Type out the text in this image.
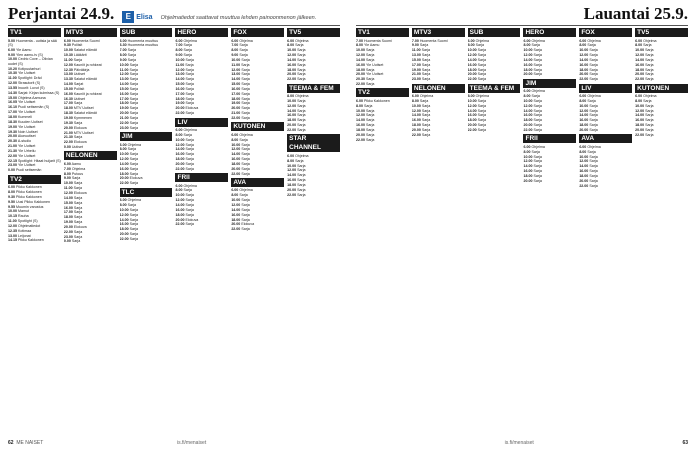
Perjantai 24.9.	E Elisa Ohjelmatiedot saattavat muuttua lehden painoonmenon jälkeen.
TV1
5.00 Huomenta - uutisia ja sää (S)
6.00 Yle Aamu
9.00 Ylen aamu-tv (S)
10.00 Cedric Cove – Olivian uudet (S)
10.20 Kotipuutarhuri
10.30 Yle Uutiset
11.00 Spotlight: Dräd
12.00 Strasutorit (S)
13.55 Inuurit: Luvut (S)
14.30 Sarjat: Kirjan kulmissa (S)
15.00 Ohjelma Aamuna
16.05 Yle Uutiset
16.10 Puoli seitsemän (S)
17.00 Yle Uutiset
18.00 Kummeli
18.30 Kuuden Uutiset
19.00 Yle Uutiset
19.30 Noin Uutiset
20.00 Alueuutiset
20.30 A-studio
21.00 Yle Uutiset
21.30 Yle Urheilu
22.00 Yle Uutiset
22.15 Spotlight: Hitaat huijarit (S)
23.00 Yle Uutiset
0.00 Puoli seitsemän
TV2
6.00 Pikku Kakkonen
8.00 Pikku Kakkonen
9.30 Pikku Kakkonen
9.50 Uusi Pikku Kakkonen
9.55 Muumin varustus
10.00 Mamut
10.15 Rauha
11.00 Spotlight (S)
12.00 Ohjelmatiedot
12.35 Kotimaa
13.00 Leijonat
14.15 Pikku Kakkonen
MTV3
6.00 Huomenta Suomi
9.30 Poliisit
10.00 Salatut elämät
10.30 Lääkärit
11.00 Sarja
12.00 Kauniit ja rohkeat
12.30 Päiväkirja
13.00 Uutiset
13.30 Salatut elämät
14.00 Sarjat
15.00 Poliisit
16.00 Kauniit ja rohkeat
16.30 Uutiset
17.00 Sarja
18.00 MTV Uutiset
18.30 Salatut elämät
19.00 Kymmenen
19.30 Sarja
20.00 Elokuva
21.00 MTV Uutiset
21.30 Sarja
22.00 Elokuva
0.00 Uutiset
NELONEN
6.00 Aamu
7.00 Ohjelma
8.00 Putous
9.00 Sarja
10.00 Sarja
11.00 Sarja
12.00 Elokuva
14.00 Sarja
15.00 Sarja
16.00 Sarja
17.00 Sarja
18.00 Sarja
19.00 Sarja
20.00 Elokuva
22.00 Sarja
23.00 Sarja
0.00 Sarja
SUB
6.00 Huomenta muuttuu
6.30 Huomenta muuttuu
7.00 Sarja
8.00 Sarja
9.00 Sarja
10.00 Sarja
11.00 Sarja
12.00 Sarja
13.00 Sarja
14.00 Sarja
15.00 Sarja
16.00 Sarja
17.00 Sarja
18.00 Sarja
19.00 Sarja
20.00 Sarja
21.00 Sarja
22.00 Sarja
23.00 Sarja
JIM
6.00 Ohjelma
8.00 Sarja
10.00 Sarja
12.00 Sarja
14.00 Sarja
16.00 Sarja
18.00 Sarja
20.00 Elokuva
22.00 Sarja
TLC
6.00 Ohjelma
8.00 Sarja
10.00 Sarja
12.00 Sarja
14.00 Sarja
16.00 Sarja
18.00 Sarja
20.00 Sarja
22.00 Sarja
HERO
6.00 Ohjelma
7.00 Sarja
8.00 Sarja
9.00 Sarja
10.00 Sarja
11.00 Sarja
12.00 Sarja
13.00 Sarja
14.00 Sarja
15.00 Sarja
16.00 Sarja
17.00 Sarja
18.00 Sarja
19.00 Sarja
20.00 Elokuva
22.00 Sarja
LIV
6.00 Ohjelma
8.00 Sarja
10.00 Sarja
12.00 Sarja
14.00 Sarja
16.00 Sarja
18.00 Sarja
20.00 Sarja
22.00 Sarja
FRII
6.00 Ohjelma
8.00 Sarja
10.00 Sarja
12.00 Sarja
14.00 Sarja
16.00 Sarja
18.00 Sarja
20.00 Elokuva
22.00 Sarja
FOX
6.00 Ohjelma
7.00 Sarja
8.00 Sarja
9.00 Sarja
10.00 Sarja
11.00 Sarja
12.00 Sarja
13.00 Sarja
14.00 Sarja
15.00 Sarja
16.00 Sarja
17.00 Sarja
18.00 Sarja
19.00 Sarja
20.00 Sarja
21.00 Sarja
22.00 Sarja
KUTONEN
6.00 Ohjelma
8.00 Sarja
10.00 Sarja
12.00 Sarja
14.00 Sarja
16.00 Sarja
18.00 Sarja
20.00 Sarja
22.00 Sarja
AVA
6.00 Ohjelma
8.00 Sarja
10.00 Sarja
12.00 Sarja
14.00 Sarja
16.00 Sarja
18.00 Sarja
20.00 Elokuva
22.00 Sarja
TV5
6.00 Ohjelma
8.00 Sarja
10.00 Sarja
12.00 Sarja
14.00 Sarja
16.00 Sarja
18.00 Sarja
20.00 Sarja
22.00 Sarja
TEEMA & FEM
8.00 Ohjelma
10.00 Sarja
12.00 Sarja
14.00 Sarja
16.00 Sarja
18.00 Sarja
20.00 Sarja
22.00 Sarja
STAR CHANNEL
6.00 Ohjelma
8.00 Sarja
10.00 Sarja
12.00 Sarja
14.00 Sarja
16.00 Sarja
18.00 Sarja
20.00 Sarja
22.00 Sarja
62
ME NAISET	is.fi/menaiset
Lauantai 25.9.
TV1
7.00 Huomenta Suomi
8.00 Yle Aamu
10.00 Sarja
12.00 Sarja
14.00 Sarja
16.00 Yle Uutiset
18.00 Sarja
20.00 Yle Uutiset
20.30 Sarja
22.00 Sarja
TV2
6.00 Pikku Kakkonen
8.00 Sarja
10.00 Sarja
12.00 Sarja
14.00 Sarja
16.00 Sarja
18.00 Sarja
20.00 Sarja
22.00 Sarja
MTV3
7.00 Huomenta Suomi
9.00 Sarja
11.00 Sarja
13.00 Sarja
15.00 Sarja
17.00 Sarja
19.00 Sarja
21.00 Sarja
23.00 Sarja
NELONEN
6.00 Ohjelma
8.00 Sarja
10.00 Sarja
12.00 Sarja
14.00 Sarja
16.00 Sarja
18.00 Sarja
20.00 Sarja
22.00 Sarja
SUB
6.00 Ohjelma
8.00 Sarja
10.00 Sarja
12.00 Sarja
14.00 Sarja
16.00 Sarja
18.00 Sarja
20.00 Sarja
22.00 Sarja
TEEMA & FEM
8.00 Ohjelma
10.00 Sarja
12.00 Sarja
14.00 Sarja
16.00 Sarja
18.00 Sarja
20.00 Sarja
22.00 Sarja
HERO
6.00 Ohjelma
8.00 Sarja
10.00 Sarja
12.00 Sarja
14.00 Sarja
16.00 Sarja
18.00 Sarja
20.00 Sarja
JIM
6.00 Ohjelma
8.00 Sarja
10.00 Sarja
12.00 Sarja
14.00 Sarja
16.00 Sarja
18.00 Sarja
20.00 Sarja
22.00 Sarja
FRII
6.00 Ohjelma
8.00 Sarja
10.00 Sarja
12.00 Sarja
14.00 Sarja
16.00 Sarja
18.00 Sarja
20.00 Sarja
FOX
6.00 Ohjelma
8.00 Sarja
10.00 Sarja
12.00 Sarja
14.00 Sarja
16.00 Sarja
18.00 Sarja
20.00 Sarja
22.00 Sarja
LIV
6.00 Ohjelma
8.00 Sarja
10.00 Sarja
12.00 Sarja
14.00 Sarja
16.00 Sarja
18.00 Sarja
20.00 Sarja
AVA
6.00 Ohjelma
8.00 Sarja
10.00 Sarja
12.00 Sarja
14.00 Sarja
16.00 Sarja
18.00 Sarja
20.00 Sarja
22.00 Sarja
TV5
6.00 Ohjelma
8.00 Sarja
10.00 Sarja
12.00 Sarja
14.00 Sarja
16.00 Sarja
18.00 Sarja
20.00 Sarja
22.00 Sarja
KUTONEN
6.00 Ohjelma
8.00 Sarja
10.00 Sarja
12.00 Sarja
14.00 Sarja
16.00 Sarja
18.00 Sarja
20.00 Sarja
22.00 Sarja
is.fi/menaiset	63
